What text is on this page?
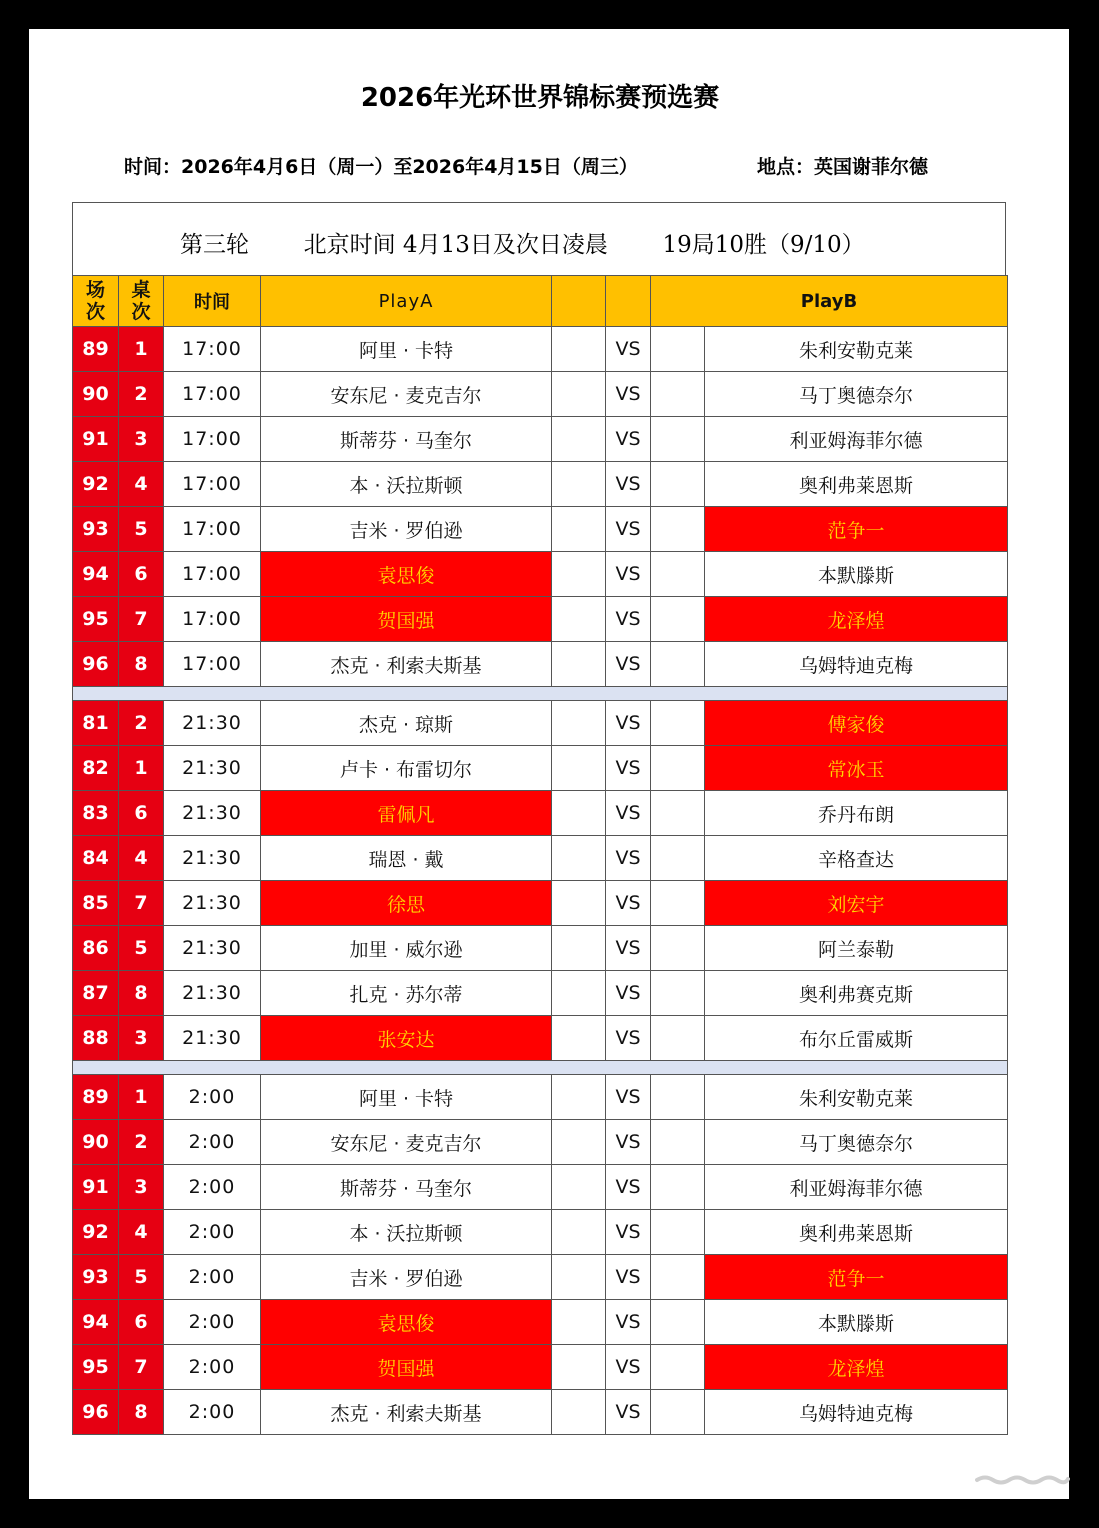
2026年光环世界锦标赛预选赛
时间：2026年4月6日（周一）至2026年4月15日（周三）	地点：英国谢菲尔德
第三轮 北京时间 4月13日及次日凌晨 19局10胜（9/10）
场次	桌次	时间	PlayA			PlayB	
89	1	17:00	阿里 · 卡特		VS		朱利安勒克莱
90	2	17:00	安东尼 · 麦克吉尔		VS		马丁奥德奈尔
91	3	17:00	斯蒂芬 · 马奎尔		VS		利亚姆海菲尔德
92	4	17:00	本 · 沃拉斯顿		VS		奥利弗莱恩斯
93	5	17:00	吉米 · 罗伯逊		VS		范争一
94	6	17:00	袁思俊		VS		本默滕斯
95	7	17:00	贺国强		VS		龙泽煌
96	8	17:00	杰克 · 利索夫斯基		VS		乌姆特迪克梅

81	2	21:30	杰克 · 琼斯		VS		傅家俊
82	1	21:30	卢卡 · 布雷切尔		VS		常冰玉
83	6	21:30	雷佩凡		VS		乔丹布朗
84	4	21:30	瑞恩 · 戴		VS		辛格查达
85	7	21:30	徐思		VS		刘宏宇
86	5	21:30	加里 · 威尔逊		VS		阿兰泰勒
87	8	21:30	扎克 · 苏尔蒂		VS		奥利弗赛克斯
88	3	21:30	张安达		VS		布尔丘雷威斯

89	1	2:00	阿里 · 卡特		VS		朱利安勒克莱
90	2	2:00	安东尼 · 麦克吉尔		VS		马丁奥德奈尔
91	3	2:00	斯蒂芬 · 马奎尔		VS		利亚姆海菲尔德
92	4	2:00	本 · 沃拉斯顿		VS		奥利弗莱恩斯
93	5	2:00	吉米 · 罗伯逊		VS		范争一
94	6	2:00	袁思俊		VS		本默滕斯
95	7	2:00	贺国强		VS		龙泽煌
96	8	2:00	杰克 · 利索夫斯基		VS		乌姆特迪克梅
